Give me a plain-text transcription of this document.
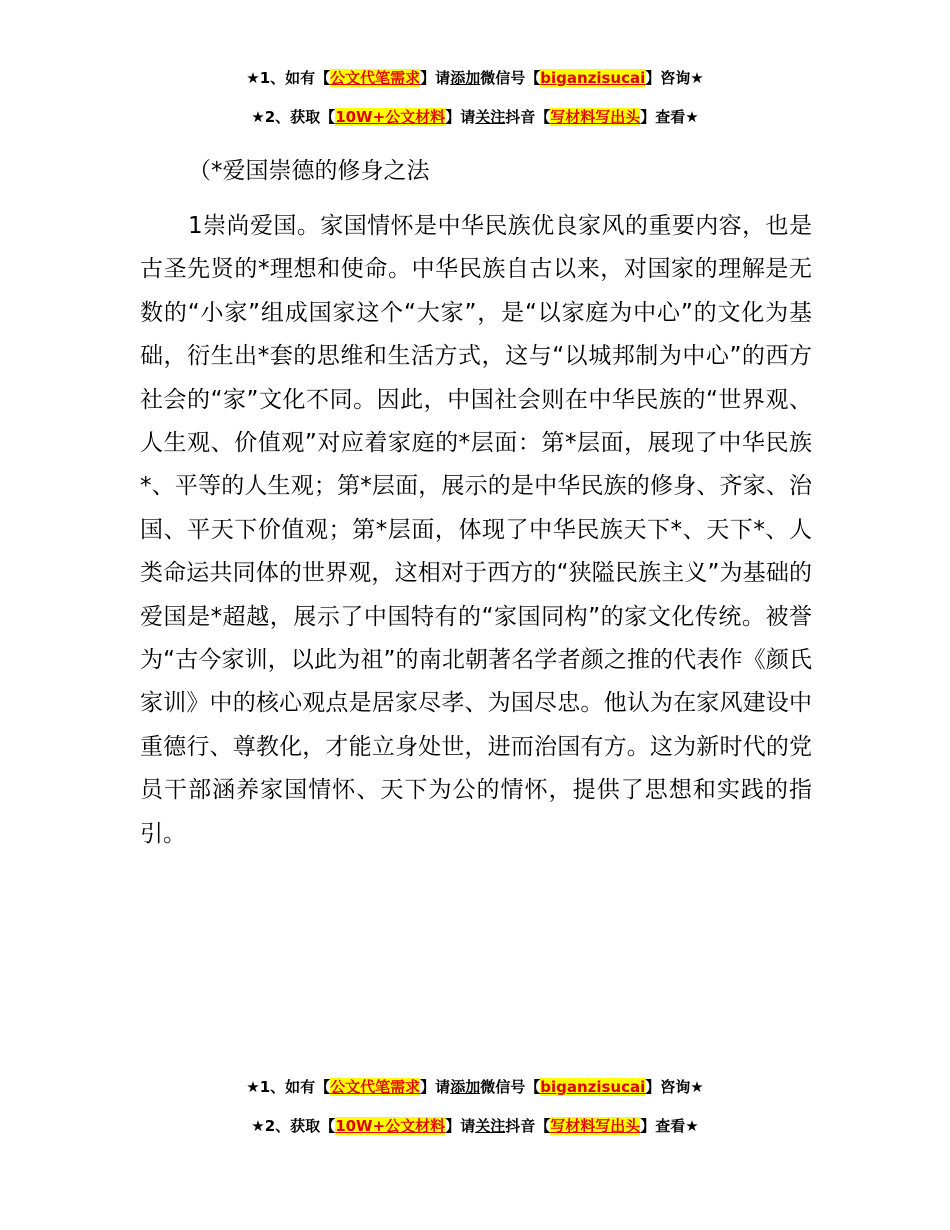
★1、如有【公文代笔需求】请添加微信号【biganzisucai】咨询★
★2、获取【10W+公文材料】请关注抖音【写材料写出头】查看★
（*爱国崇德的修身之法

1崇尚爱国。家国情怀是中华民族优良家风的重要内容，也是古圣先贤的*理想和使命。中华民族自古以来，对国家的理解是无数的“小家”组成国家这个“大家”，是“以家庭为中心”的文化为基础，衍生出*套的思维和生活方式，这与“以城邦制为中心”的西方社会的“家”文化不同。因此，中国社会则在中华民族的“世界观、人生观、价值观”对应着家庭的*层面：第*层面，展现了中华民族*、平等的人生观；第*层面，展示的是中华民族的修身、齐家、治国、平天下价值观；第*层面，体现了中华民族天下*、天下*、人类命运共同体的世界观，这相对于西方的“狭隘民族主义”为基础的爱国是*超越，展示了中国特有的“家国同构”的家文化传统。被誉为“古今家训，以此为祖”的南北朝著名学者颜之推的代表作《颜氏家训》中的核心观点是居家尽孝、为国尽忠。他认为在家风建设中重德行、尊教化，才能立身处世，进而治国有方。这为新时代的党员干部涵养家国情怀、天下为公的情怀，提供了思想和实践的指引。

★1、如有【公文代笔需求】请添加微信号【biganzisucai】咨询★
★2、获取【10W+公文材料】请关注抖音【写材料写出头】查看★
